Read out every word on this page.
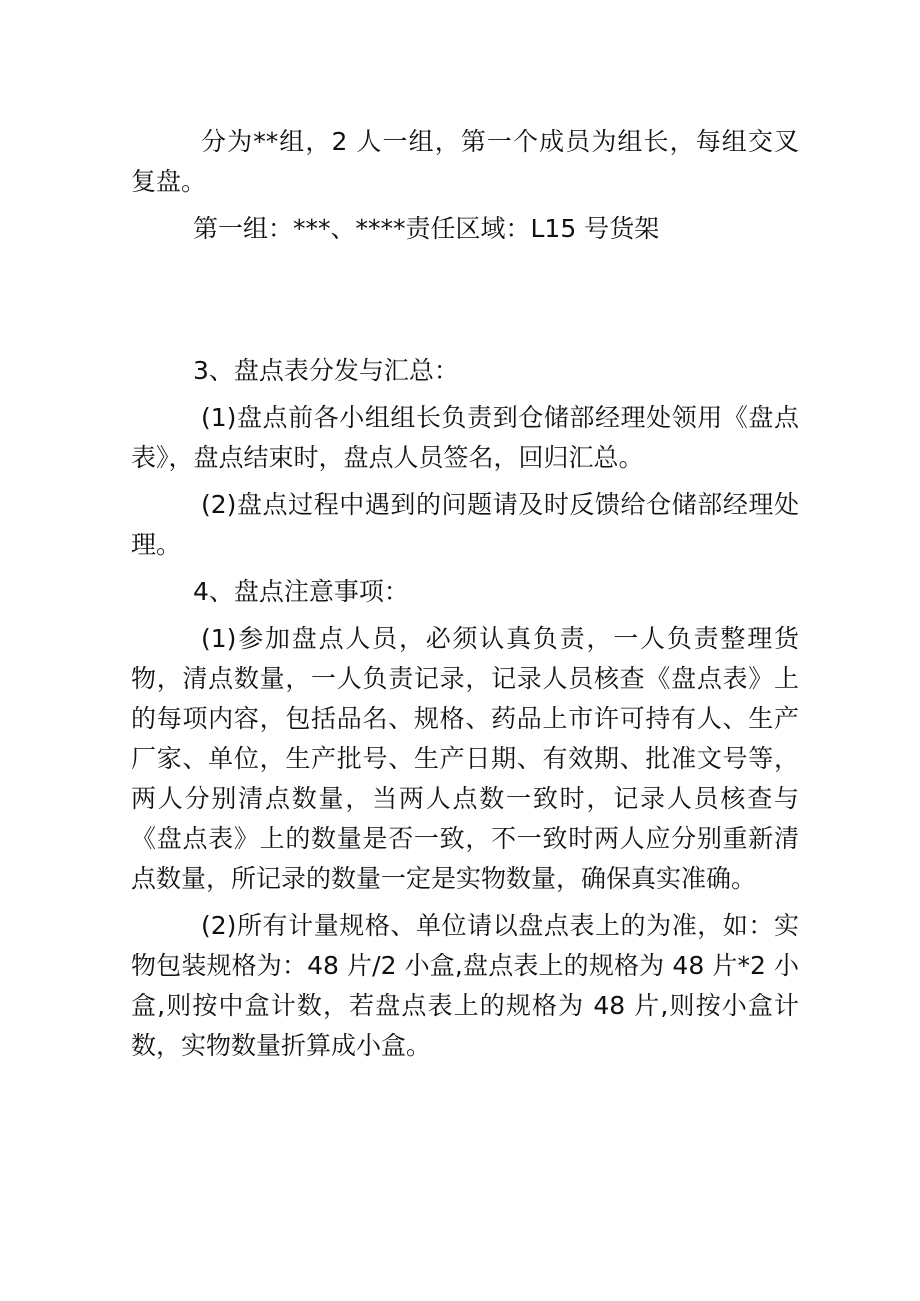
分为**组，2 人一组，第一个成员为组长，每组交叉复盘。

第一组：***、****责任区域：L15 号货架

3、盘点表分发与汇总：

(1)盘点前各小组组长负责到仓储部经理处领用《盘点表》，盘点结束时，盘点人员签名，回归汇总。

(2)盘点过程中遇到的问题请及时反馈给仓储部经理处理。

4、盘点注意事项：

(1)参加盘点人员，必须认真负责，一人负责整理货物，清点数量，一人负责记录，记录人员核查《盘点表》上的每项内容，包括品名、规格、药品上市许可持有人、生产厂家、单位，生产批号、生产日期、有效期、批准文号等，两人分别清点数量，当两人点数一致时，记录人员核查与《盘点表》上的数量是否一致，不一致时两人应分别重新清点数量，所记录的数量一定是实物数量，确保真实准确。

(2)所有计量规格、单位请以盘点表上的为准，如：实物包装规格为：48 片/2 小盒,盘点表上的规格为 48 片*2 小盒,则按中盒计数，若盘点表上的规格为 48 片,则按小盒计数，实物数量折算成小盒。
